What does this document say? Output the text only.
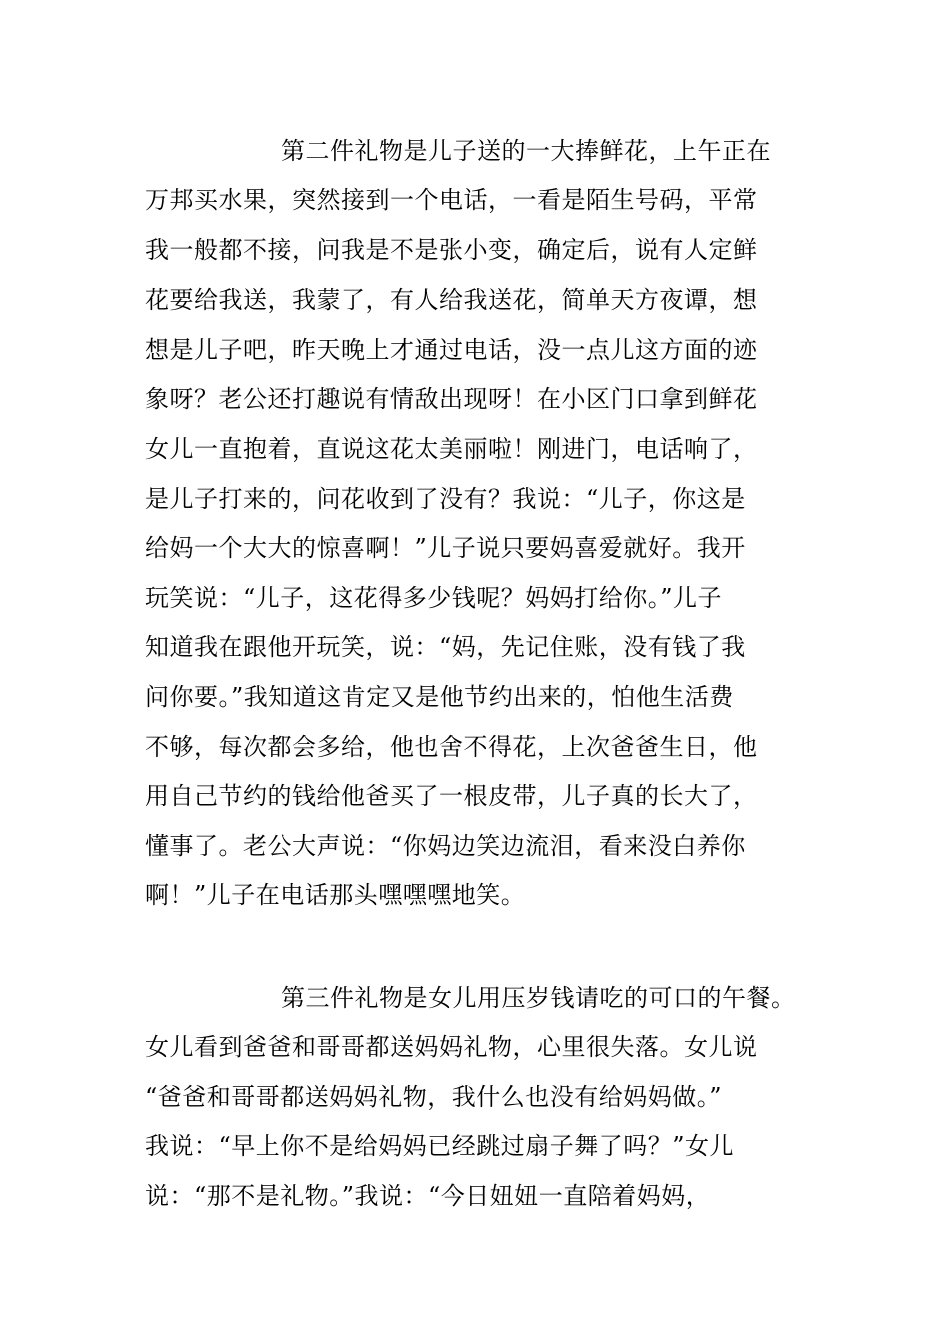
第二件礼物是儿子送的一大捧鲜花，上午正在
万邦买水果，突然接到一个电话，一看是陌生号码，平常
我一般都不接，问我是不是张小变，确定后，说有人定鲜
花要给我送，我蒙了，有人给我送花，简单天方夜谭，想
想是儿子吧，昨天晚上才通过电话，没一点儿这方面的迹
象呀？老公还打趣说有情敌出现呀！在小区门口拿到鲜花
女儿一直抱着，直说这花太美丽啦！刚进门，电话响了，
是儿子打来的，问花收到了没有？我说：“儿子，你这是
给妈一个大大的惊喜啊！”儿子说只要妈喜爱就好。我开
玩笑说：“儿子，这花得多少钱呢？妈妈打给你。”儿子
知道我在跟他开玩笑，说：“妈，先记住账，没有钱了我
问你要。”我知道这肯定又是他节约出来的，怕他生活费
不够，每次都会多给，他也舍不得花，上次爸爸生日，他
用自己节约的钱给他爸买了一根皮带，儿子真的长大了，
懂事了。老公大声说：“你妈边笑边流泪，看来没白养你
啊！”儿子在电话那头嘿嘿嘿地笑。
第三件礼物是女儿用压岁钱请吃的可口的午餐。
女儿看到爸爸和哥哥都送妈妈礼物，心里很失落。女儿说
“爸爸和哥哥都送妈妈礼物，我什么也没有给妈妈做。”
我说：“早上你不是给妈妈已经跳过扇子舞了吗？”女儿
说：“那不是礼物。”我说：“今日妞妞一直陪着妈妈，
